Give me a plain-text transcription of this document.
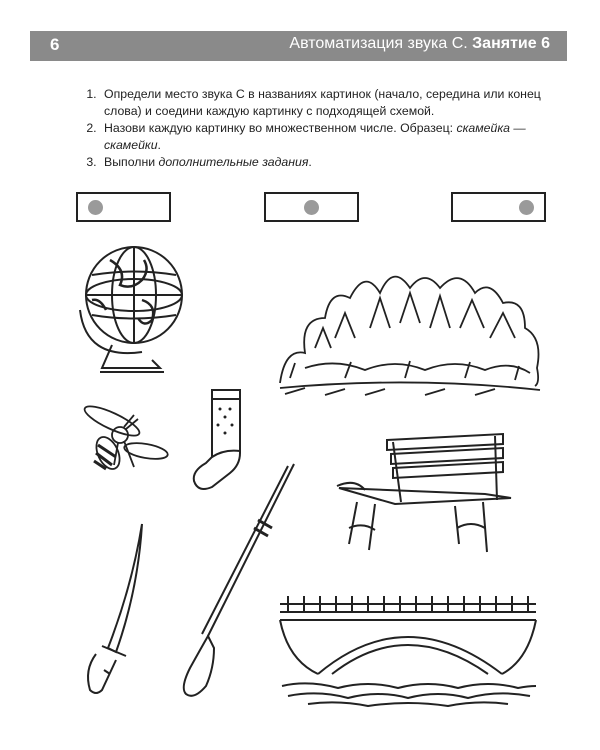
6	Автоматизация звука С. Занятие 6
1. Определи место звука С в названиях картинок (начало, середина или конец слова) и соедини каждую картинку с подходящей схемой.
2. Назови каждую картинку во множественном числе. Образец: скамейка — скамейки.
3. Выполни дополнительные задания.
